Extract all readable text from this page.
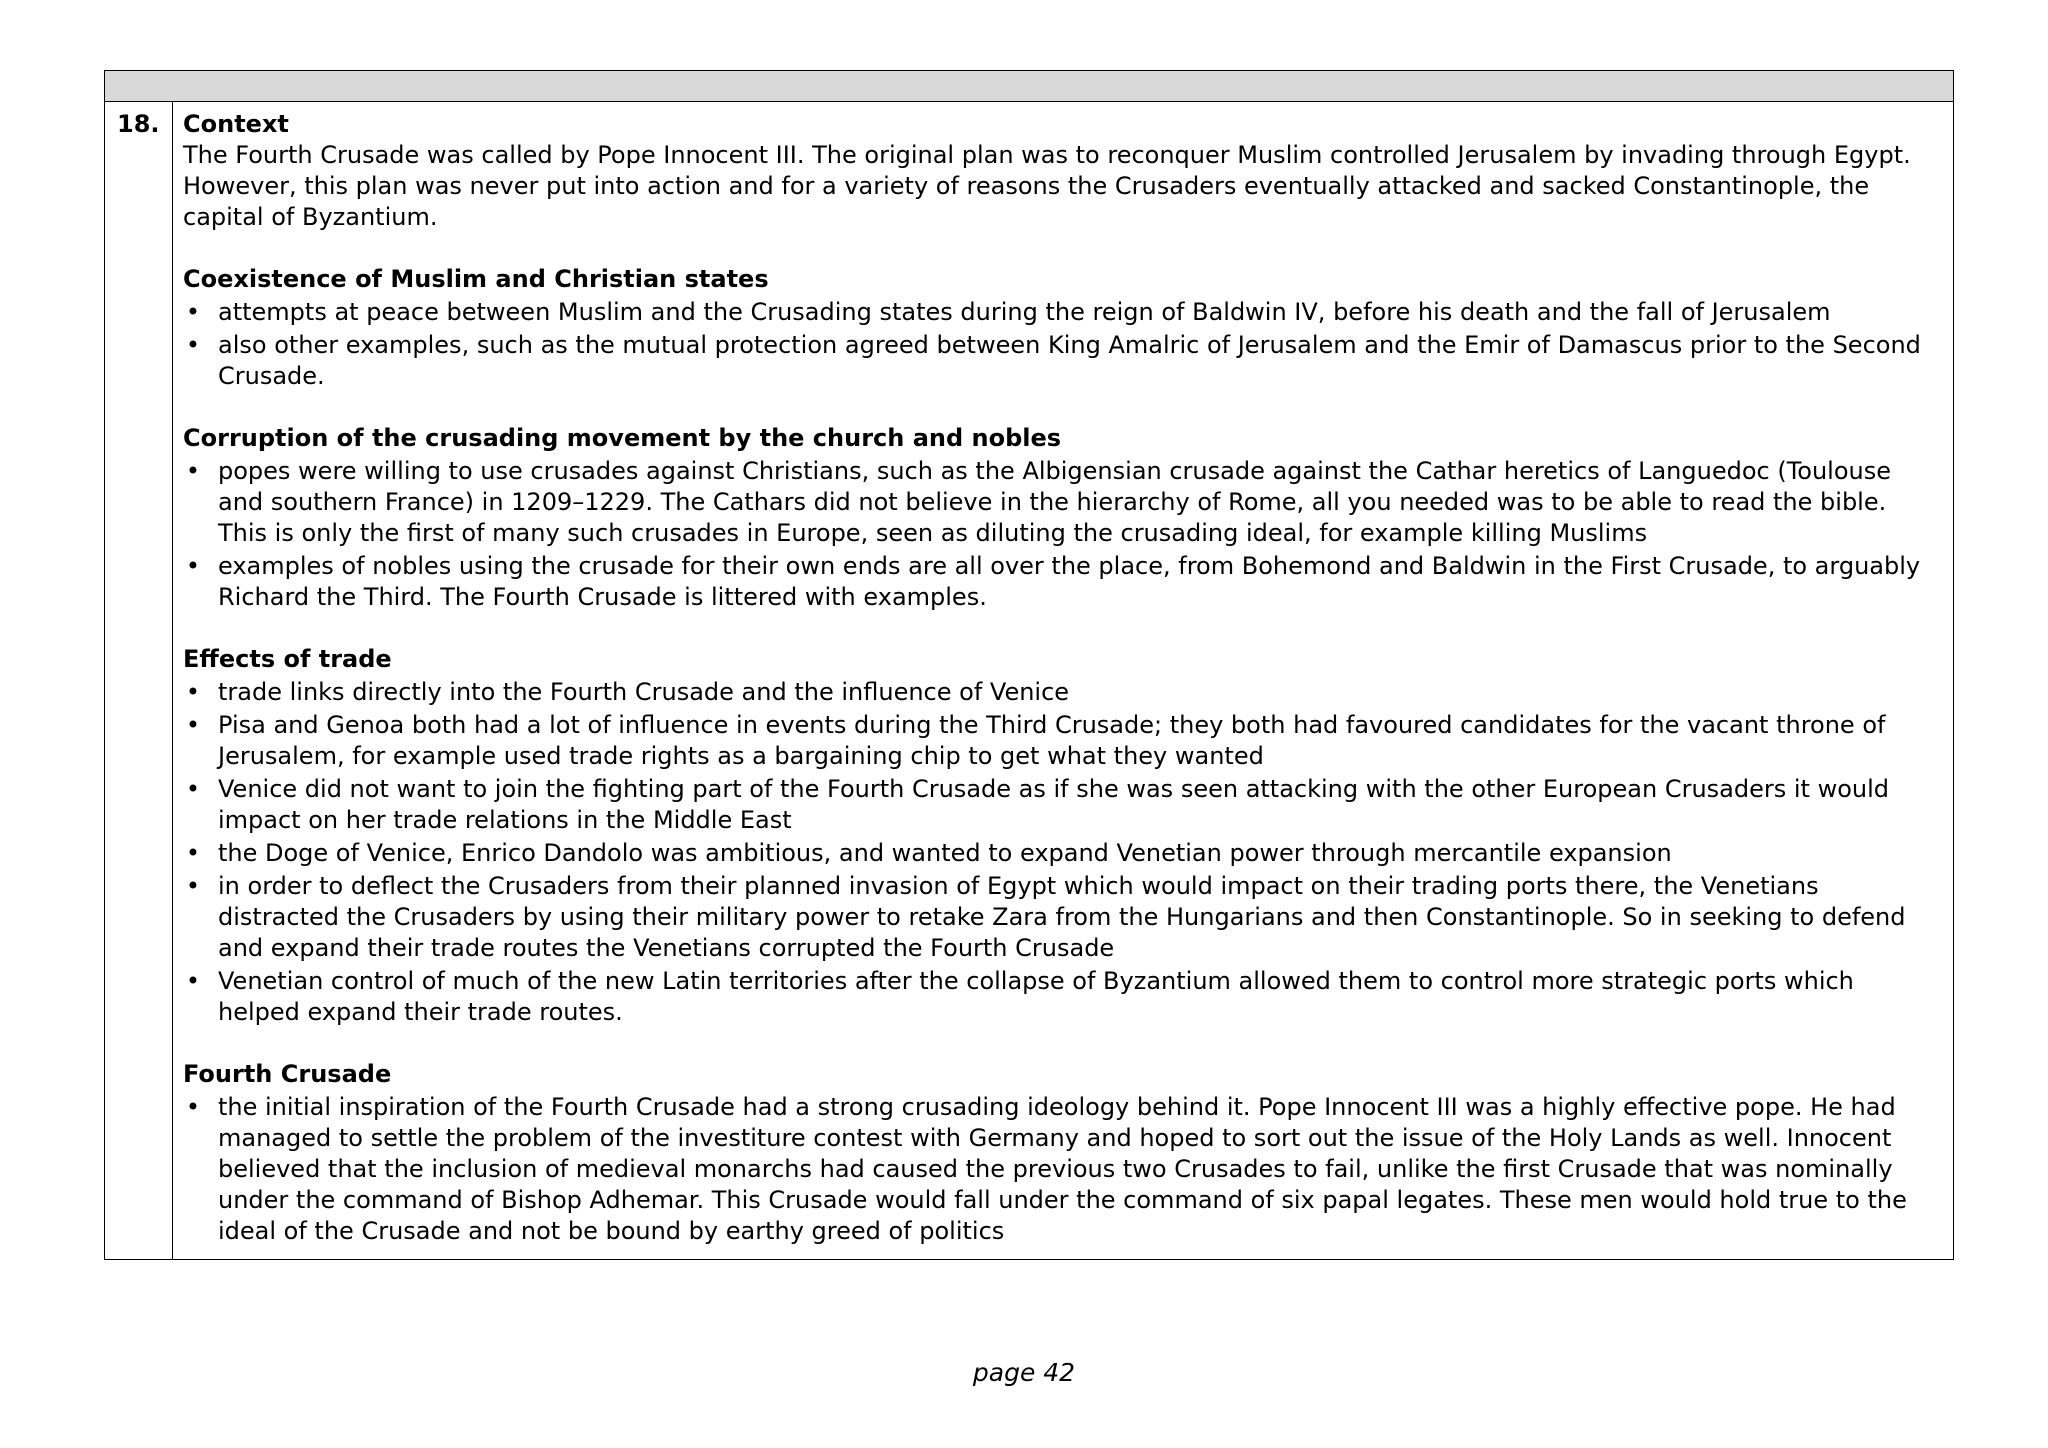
18. Context

The Fourth Crusade was called by Pope Innocent III. The original plan was to reconquer Muslim controlled Jerusalem by invading through Egypt. However, this plan was never put into action and for a variety of reasons the Crusaders eventually attacked and sacked Constantinople, the capital of Byzantium.

Coexistence of Muslim and Christian states
• attempts at peace between Muslim and the Crusading states during the reign of Baldwin IV, before his death and the fall of Jerusalem
• also other examples, such as the mutual protection agreed between King Amalric of Jerusalem and the Emir of Damascus prior to the Second Crusade.
Corruption of the crusading movement by the church and nobles
• popes were willing to use crusades against Christians, such as the Albigensian crusade against the Cathar heretics of Languedoc (Toulouse and southern France) in 1209–1229. The Cathars did not believe in the hierarchy of Rome, all you needed was to be able to read the bible. This is only the first of many such crusades in Europe, seen as diluting the crusading ideal, for example killing Muslims
• examples of nobles using the crusade for their own ends are all over the place, from Bohemond and Baldwin in the First Crusade, to arguably Richard the Third. The Fourth Crusade is littered with examples.
Effects of trade
• trade links directly into the Fourth Crusade and the influence of Venice
• Pisa and Genoa both had a lot of influence in events during the Third Crusade; they both had favoured candidates for the vacant throne of Jerusalem, for example used trade rights as a bargaining chip to get what they wanted
• Venice did not want to join the fighting part of the Fourth Crusade as if she was seen attacking with the other European Crusaders it would impact on her trade relations in the Middle East
• the Doge of Venice, Enrico Dandolo was ambitious, and wanted to expand Venetian power through mercantile expansion
• in order to deflect the Crusaders from their planned invasion of Egypt which would impact on their trading ports there, the Venetians distracted the Crusaders by using their military power to retake Zara from the Hungarians and then Constantinople. So in seeking to defend and expand their trade routes the Venetians corrupted the Fourth Crusade
• Venetian control of much of the new Latin territories after the collapse of Byzantium allowed them to control more strategic ports which helped expand their trade routes.
Fourth Crusade
• the initial inspiration of the Fourth Crusade had a strong crusading ideology behind it. Pope Innocent III was a highly effective pope. He had managed to settle the problem of the investiture contest with Germany and hoped to sort out the issue of the Holy Lands as well. Innocent believed that the inclusion of medieval monarchs had caused the previous two Crusades to fail, unlike the first Crusade that was nominally under the command of Bishop Adhemar. This Crusade would fall under the command of six papal legates. These men would hold true to the ideal of the Crusade and not be bound by earthy greed of politics
page 42
